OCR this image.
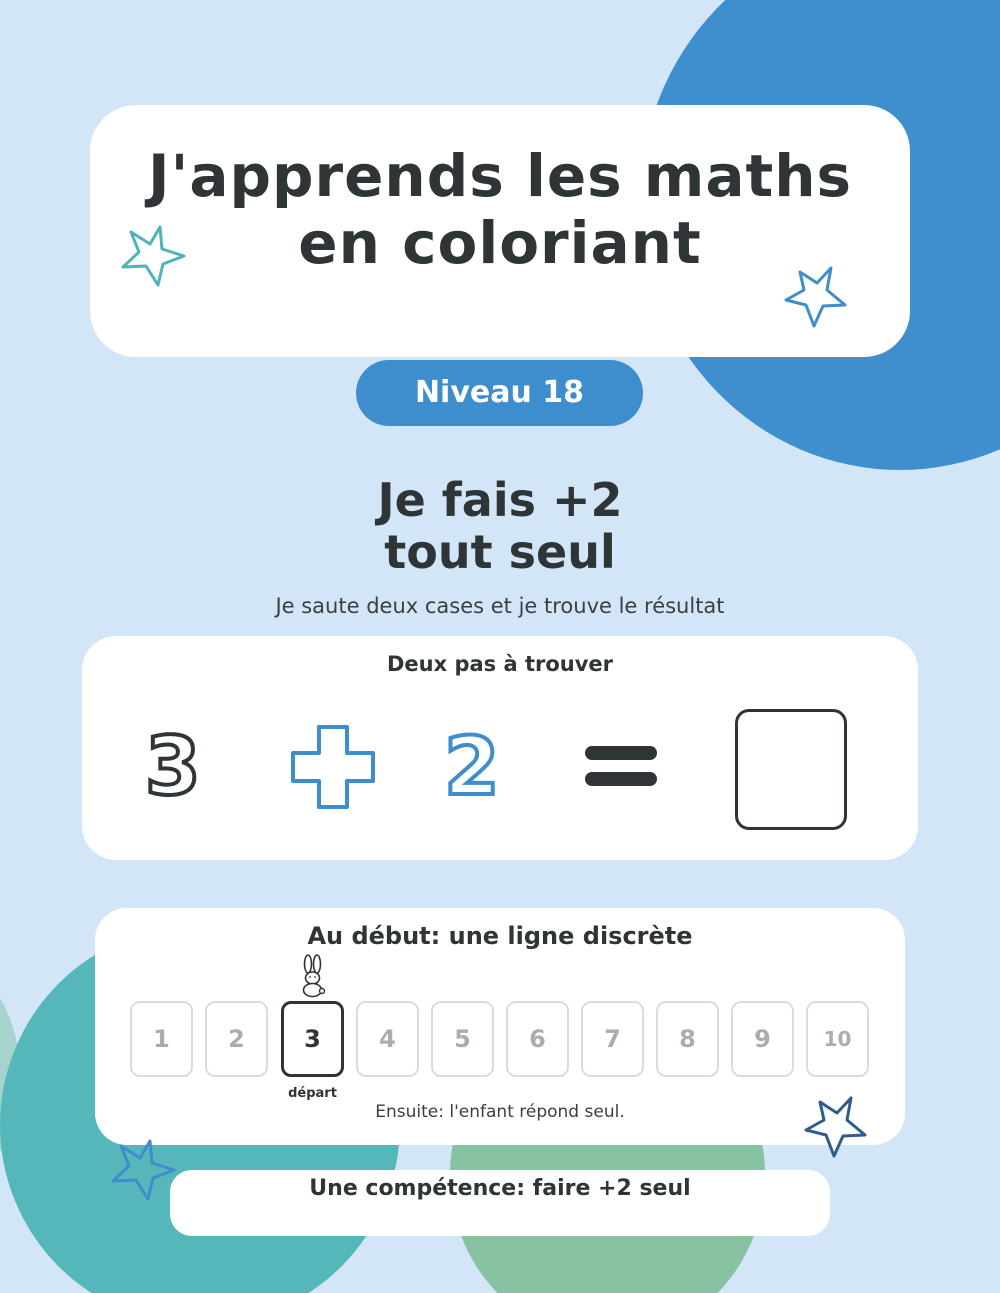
J'apprends les maths
en coloriant
Niveau 18
Je fais +2
tout seul
Je saute deux cases et je trouve le résultat
Deux pas à trouver
3	2
Au début: une ligne discrète
1	2	3	4	5	6	7	8	9	10
départ
Ensuite: l'enfant répond seul.
Une compétence: faire +2 seul
